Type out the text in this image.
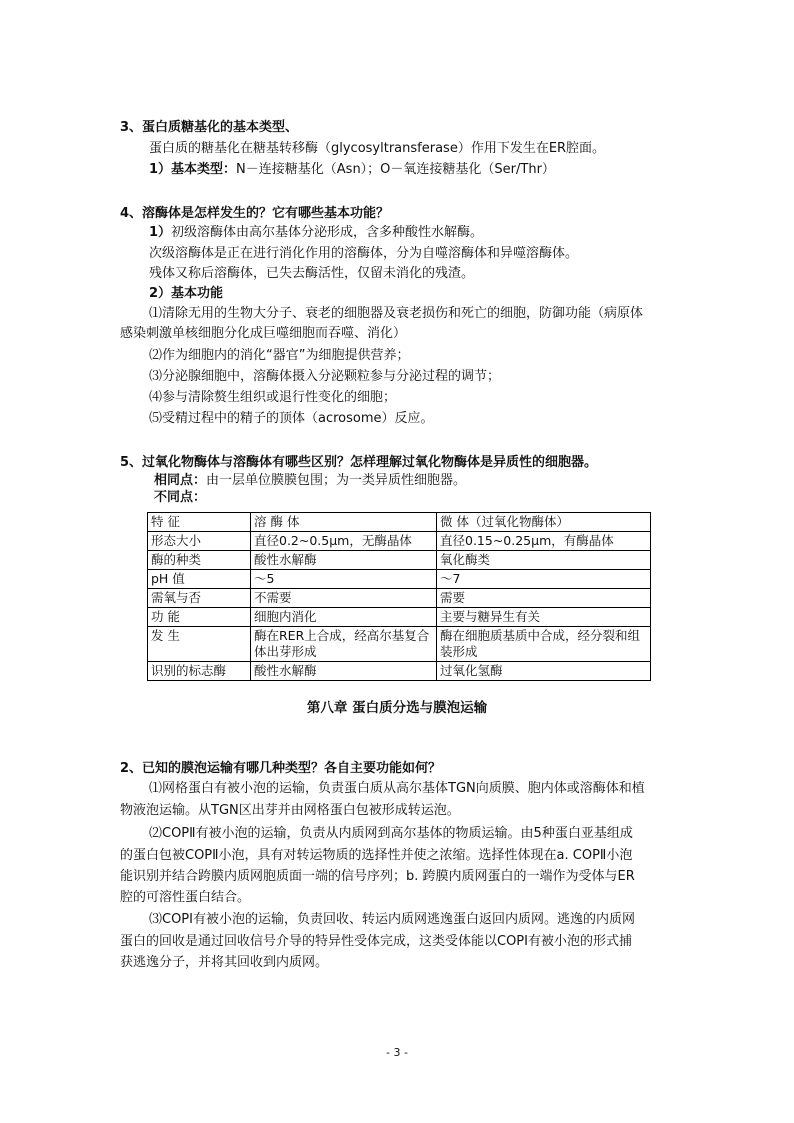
3、蛋白质糖基化的基本类型、
蛋白质的糖基化在糖基转移酶（glycosyltransferase）作用下发生在ER腔面。
1）基本类型：N－连接糖基化（Asn）；O－氧连接糖基化（Ser/Thr）
4、溶酶体是怎样发生的？它有哪些基本功能？
1）初级溶酶体由高尔基体分泌形成，含多种酸性水解酶。
次级溶酶体是正在进行消化作用的溶酶体，分为自噬溶酶体和异噬溶酶体。
残体又称后溶酶体，已失去酶活性，仅留未消化的残渣。
2）基本功能
⑴清除无用的生物大分子、衰老的细胞器及衰老损伤和死亡的细胞，防御功能（病原体
感染刺激单核细胞分化成巨噬细胞而吞噬、消化）
⑵作为细胞内的消化“器官”为细胞提供营养；
⑶分泌腺细胞中，溶酶体摄入分泌颗粒参与分泌过程的调节；
⑷参与清除赘生组织或退行性变化的细胞；
⑸受精过程中的精子的顶体（acrosome）反应。
5、过氧化物酶体与溶酶体有哪些区别？怎样理解过氧化物酶体是异质性的细胞器。
相同点：由一层单位膜膜包围；为一类异质性细胞器。
不同点：
特 征	溶 酶 体	微 体（过氧化物酶体）
形态大小	直径0.2~0.5μm，无酶晶体	直径0.15~0.25μm，有酶晶体
酶的种类	酸性水解酶	氧化酶类
pH 值	～5	～7
需氧与否	不需要	需要
功 能	细胞内消化	主要与糖异生有关
发 生	酶在RER上合成，经高尔基复合体出芽形成	酶在细胞质基质中合成，经分裂和组装形成
识别的标志酶	酸性水解酶	过氧化氢酶
第八章 蛋白质分选与膜泡运输
2、已知的膜泡运输有哪几种类型？各自主要功能如何？
⑴网格蛋白有被小泡的运输，负责蛋白质从高尔基体TGN向质膜、胞内体或溶酶体和植
物液泡运输。从TGN区出芽并由网格蛋白包被形成转运泡。
⑵COPⅡ有被小泡的运输，负责从内质网到高尔基体的物质运输。由5种蛋白亚基组成
的蛋白包被COPⅡ小泡，具有对转运物质的选择性并使之浓缩。选择性体现在a. COPⅡ小泡
能识别并结合跨膜内质网胞质面一端的信号序列；b. 跨膜内质网蛋白的一端作为受体与ER
腔的可溶性蛋白结合。
⑶COPⅠ有被小泡的运输，负责回收、转运内质网逃逸蛋白返回内质网。逃逸的内质网
蛋白的回收是通过回收信号介导的特异性受体完成，这类受体能以COPⅠ有被小泡的形式捕
获逃逸分子，并将其回收到内质网。
- 3 -
